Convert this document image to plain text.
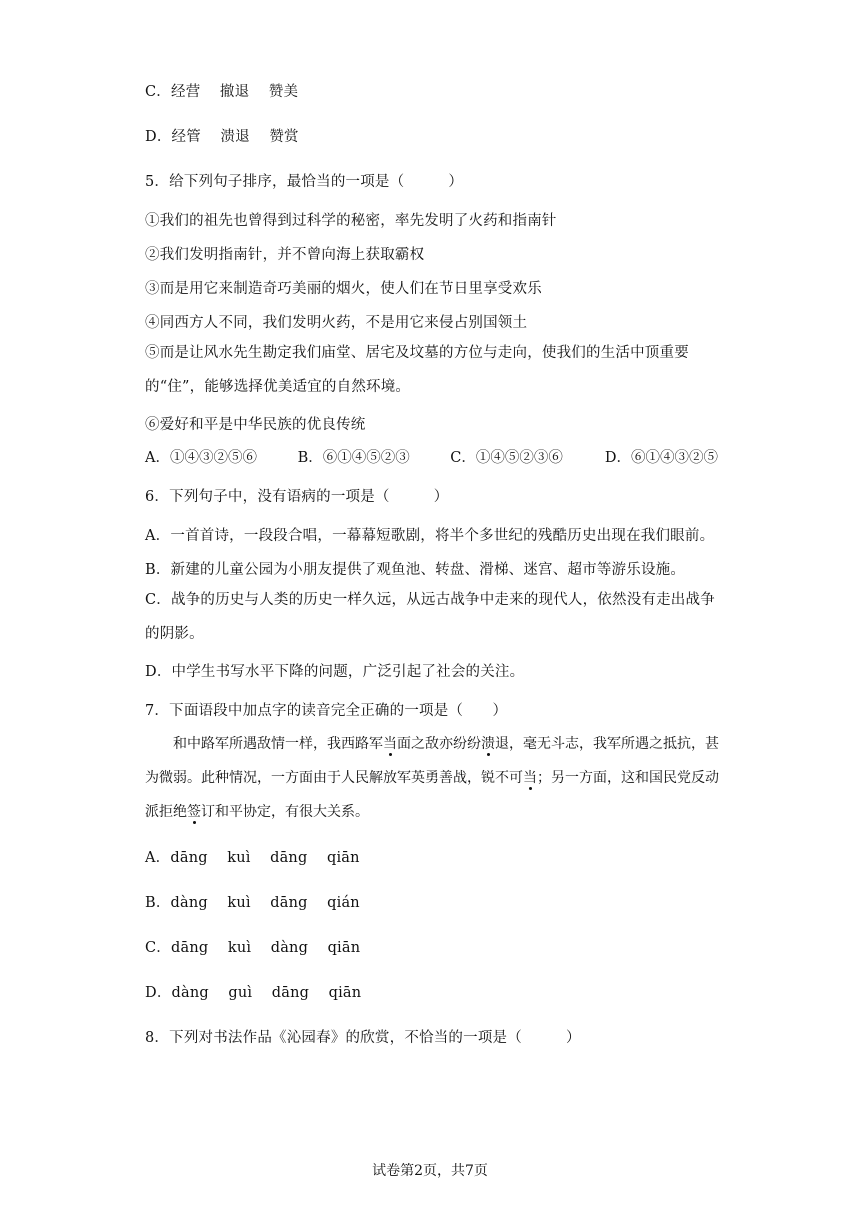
C．经营　 撤退　 赞美
D．经管　 溃退　 赞赏
5．给下列句子排序，最恰当的一项是（　　　）
①我们的祖先也曾得到过科学的秘密，率先发明了火药和指南针
②我们发明指南针，并不曾向海上获取霸权
③而是用它来制造奇巧美丽的烟火，使人们在节日里享受欢乐
④同西方人不同，我们发明火药，不是用它来侵占别国领土
⑤而是让风水先生勘定我们庙堂、居宅及坟墓的方位与走向，使我们的生活中顶重要的“住”，能够选择优美适宜的自然环境。
⑥爱好和平是中华民族的优良传统
A．①④③②⑤⑥	B．⑥①④⑤②③	C．①④⑤②③⑥	D．⑥①④③②⑤
6．下列句子中，没有语病的一项是（　　　）
A．一首首诗，一段段合唱，一幕幕短歌剧，将半个多世纪的残酷历史出现在我们眼前。
B．新建的儿童公园为小朋友提供了观鱼池、转盘、滑梯、迷宫、超市等游乐设施。
C．战争的历史与人类的历史一样久远，从远古战争中走来的现代人，依然没有走出战争的阴影。
D．中学生书写水平下降的问题，广泛引起了社会的关注。
7．下面语段中加点字的读音完全正确的一项是（　　）
和中路军所遇敌情一样，我西路军当面之敌亦纷纷溃退，毫无斗志，我军所遇之抵抗，甚为微弱。此种情况，一方面由于人民解放军英勇善战，锐不可当；另一方面，这和国民党反动派拒绝签订和平协定，有很大关系。
A．dāng　 kuì　 dāng　 qiān
B．dàng　 kuì　 dāng　 qián
C．dāng　 kuì　 dàng　 qiān
D．dàng　 guì　 dāng　 qiān
8．下列对书法作品《沁园春》的欣赏，不恰当的一项是（　　　）
试卷第2页，共7页
